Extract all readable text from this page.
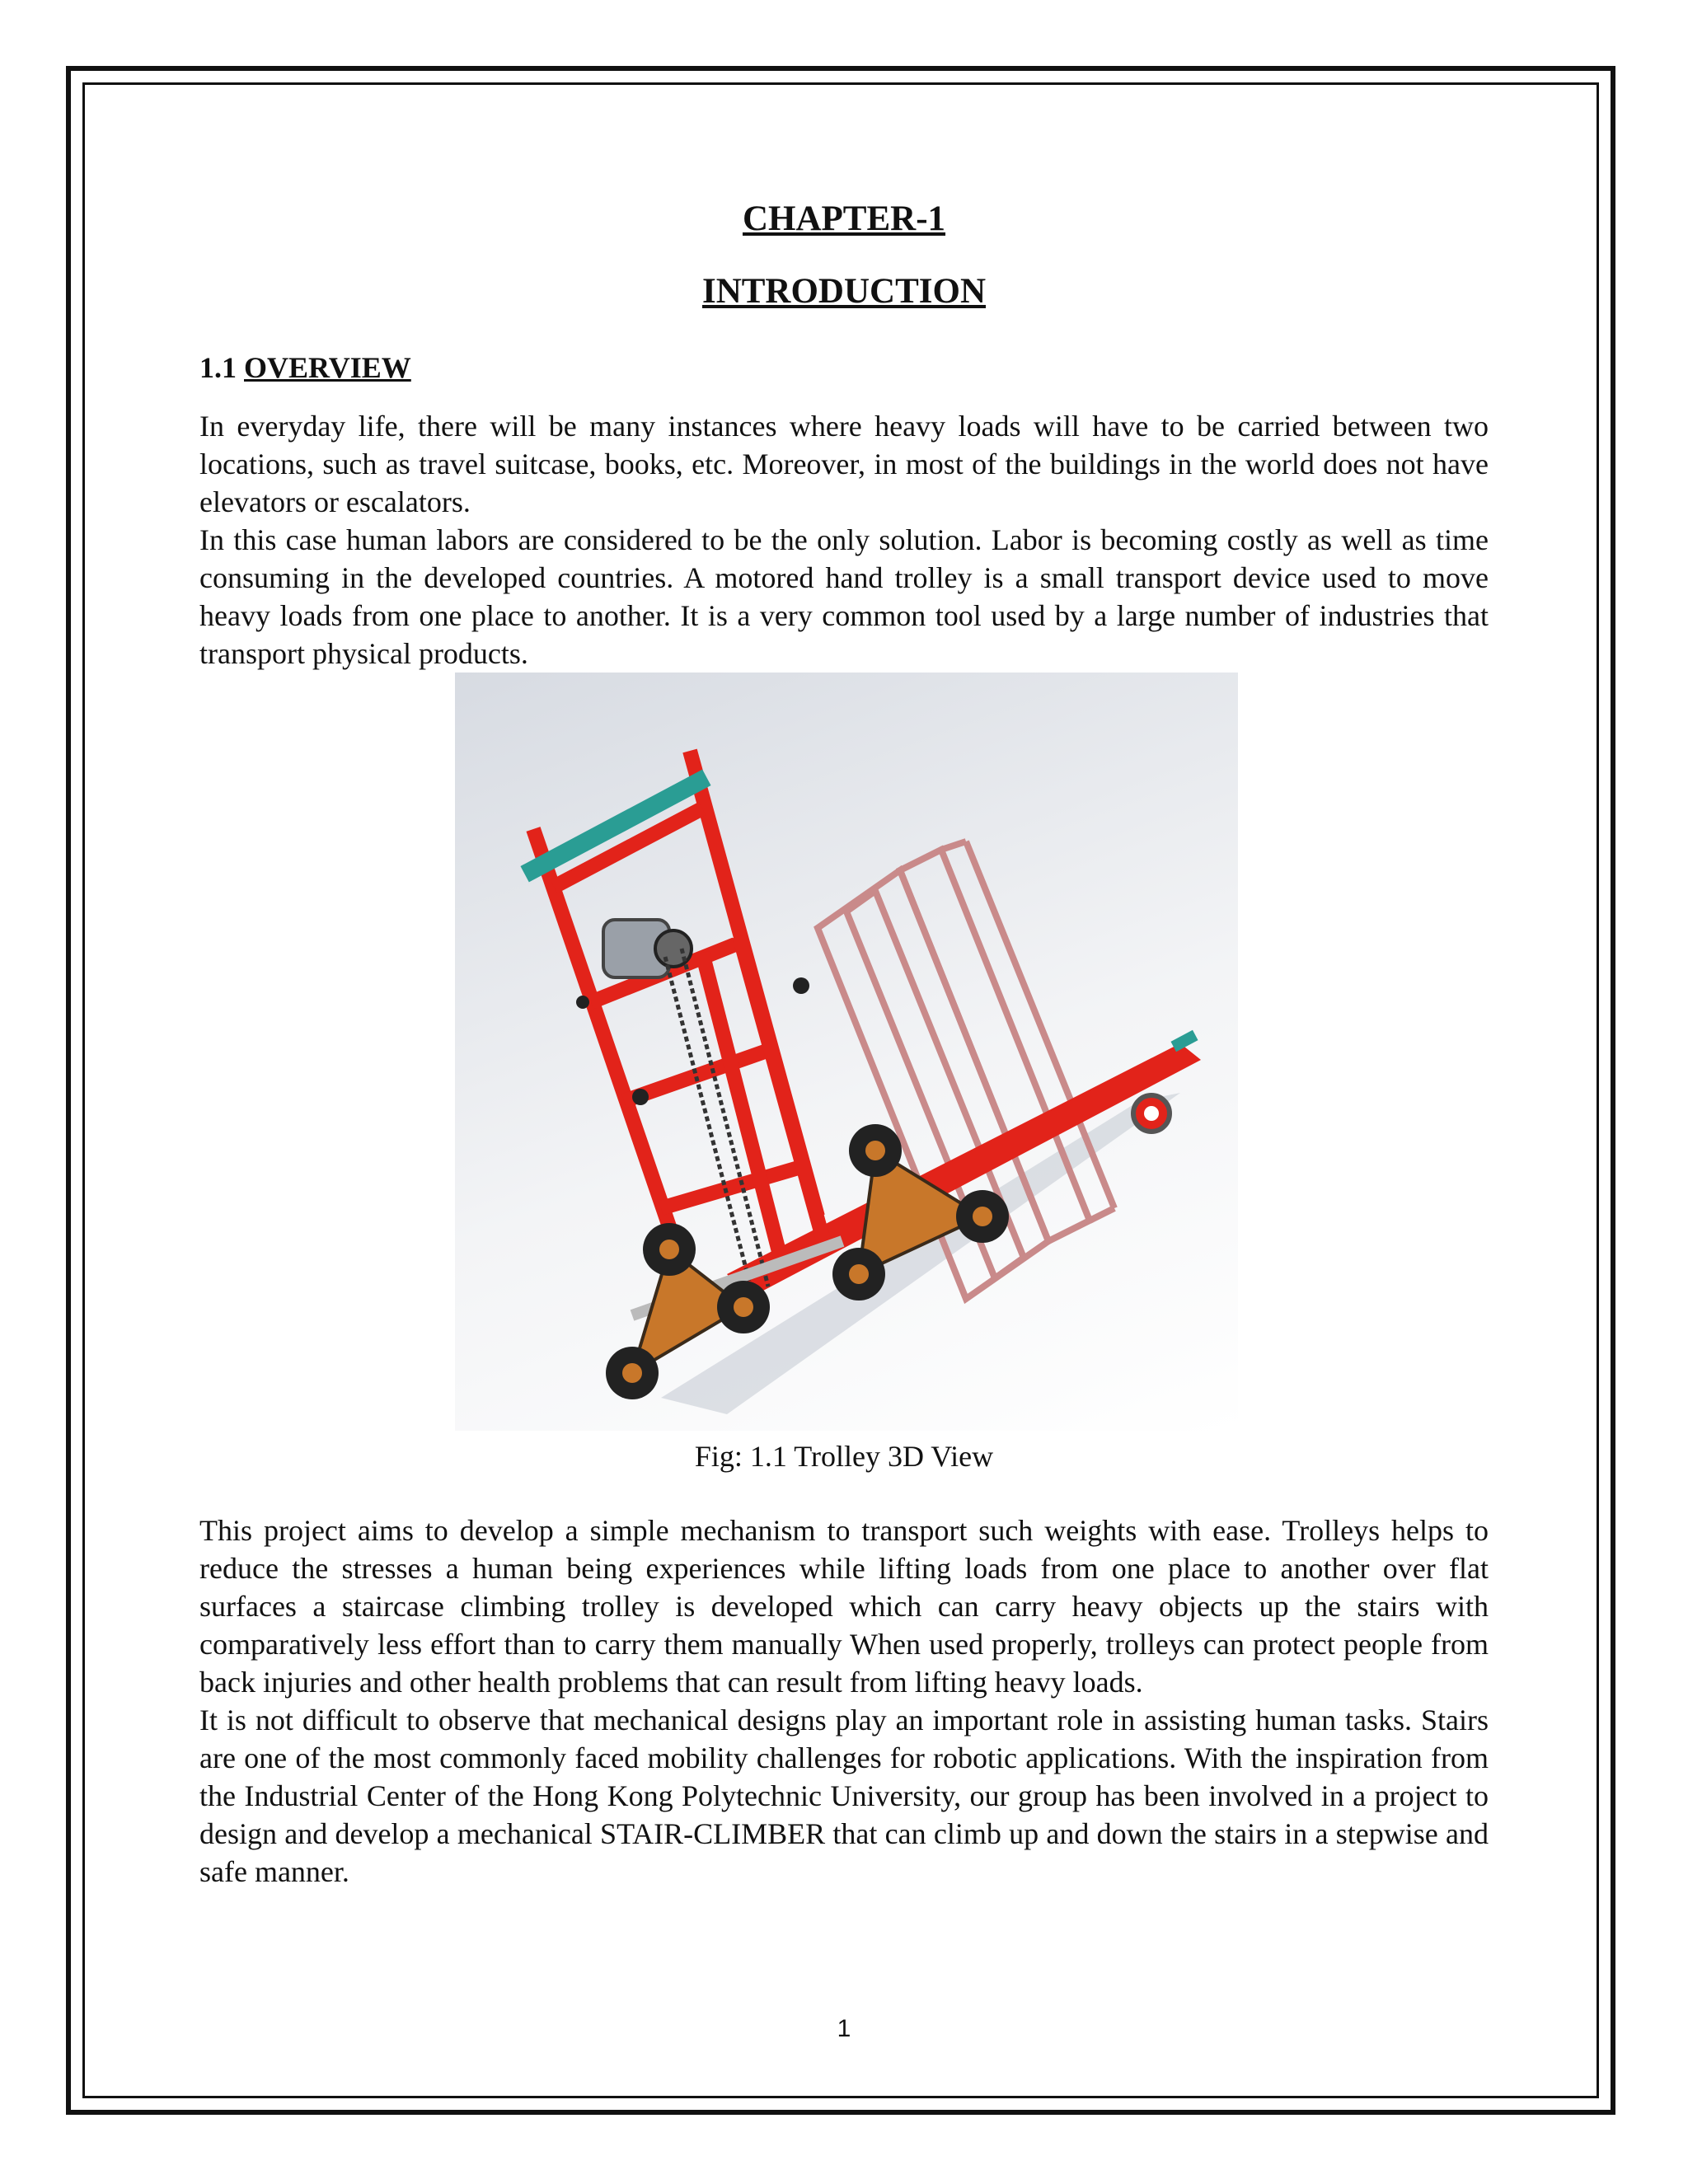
CHAPTER-1
INTRODUCTION
1.1 OVERVIEW

In everyday life, there will be many instances where heavy loads will have to be carried between two locations, such as travel suitcase, books, etc. Moreover, in most of the buildings in the world does not have elevators or escalators.

In this case human labors are considered to be the only solution. Labor is becoming costly as well as time consuming in the developed countries. A motored hand trolley is a small transport device used to move heavy loads from one place to another. It is a very common tool used by a large number of industries that transport physical products.

Fig: 1.1 Trolley 3D View

This project aims to develop a simple mechanism to transport such weights with ease. Trolleys helps to reduce the stresses a human being experiences while lifting loads from one place to another over flat surfaces a staircase climbing trolley is developed which can carry heavy objects up the stairs with comparatively less effort than to carry them manually When used properly, trolleys can protect people from back injuries and other health problems that can result from lifting heavy loads.

It is not difficult to observe that mechanical designs play an important role in assisting human tasks. Stairs are one of the most commonly faced mobility challenges for robotic applications. With the inspiration from the Industrial Center of the Hong Kong Polytechnic University, our group has been involved in a project to design and develop a mechanical STAIR-CLIMBER that can climb up and down the stairs in a stepwise and safe manner.

1
